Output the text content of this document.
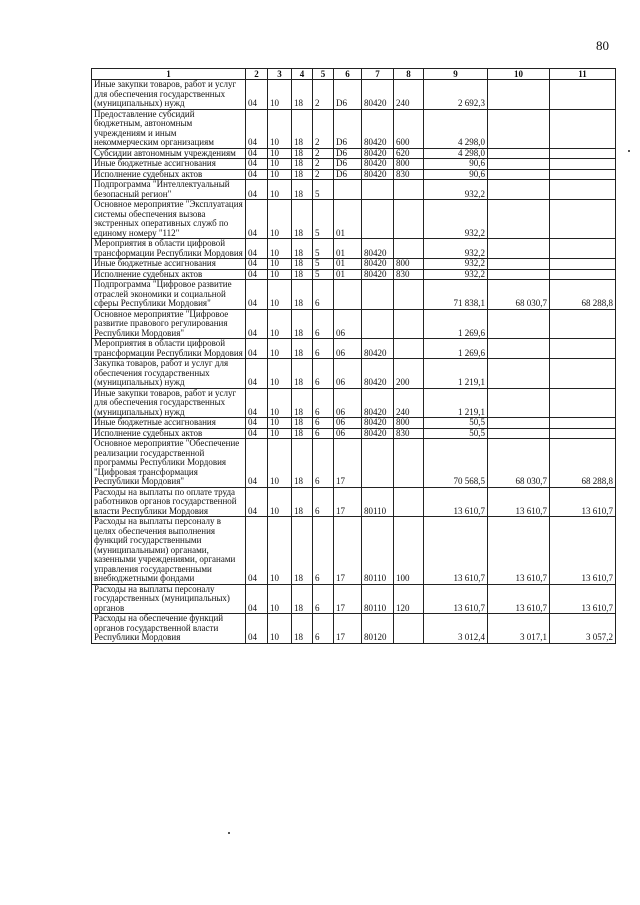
80
1	2	3	4	5	6	7	8	9	10	11
Иные закупки товаров, работ и услуг для обеспечения государственных (муниципальных) нужд	04	10	18	2	D6	80420	240	2 692,3		
Предоставление субсидий бюджетным, автономным учреждениям и иным некоммерческим организациям	04	10	18	2	D6	80420	600	4 298,0		
Субсидии автономным учреждениям	04	10	18	2	D6	80420	620	4 298,0		
Иные бюджетные ассигнования	04	10	18	2	D6	80420	800	90,6		
Исполнение судебных актов	04	10	18	2	D6	80420	830	90,6		
Подпрограмма "Интеллектуальный безопасный регион"	04	10	18	5				932,2		
Основное мероприятие "Эксплуатация системы обеспечения вызова экстренных оперативных служб по единому номеру "112"	04	10	18	5	01			932,2		
Мероприятия в области цифровой трансформации Республики Мордовия	04	10	18	5	01	80420		932,2		
Иные бюджетные ассигнования	04	10	18	5	01	80420	800	932,2		
Исполнение судебных актов	04	10	18	5	01	80420	830	932,2		
Подпрограмма "Цифровое развитие отраслей экономики и социальной сферы Республики Мордовия"	04	10	18	6				71 838,1	68 030,7	68 288,8
Основное мероприятие "Цифровое развитие правового регулирования Республики Мордовия"	04	10	18	6	06			1 269,6		
Мероприятия в области цифровой трансформации Республики Мордовия	04	10	18	6	06	80420		1 269,6		
Закупка товаров, работ и услуг для обеспечения государственных (муниципальных) нужд	04	10	18	6	06	80420	200	1 219,1		
Иные закупки товаров, работ и услуг для обеспечения государственных (муниципальных) нужд	04	10	18	6	06	80420	240	1 219,1		
Иные бюджетные ассигнования	04	10	18	6	06	80420	800	50,5		
Исполнение судебных актов	04	10	18	6	06	80420	830	50,5		
Основное мероприятие "Обеспечение реализации государственной программы Республики Мордовия "Цифровая трансформация Республики Мордовия"	04	10	18	6	17			70 568,5	68 030,7	68 288,8
Расходы на выплаты по оплате труда работников органов государственной власти Республики Мордовия	04	10	18	6	17	80110		13 610,7	13 610,7	13 610,7
Расходы на выплаты персоналу в целях обеспечения выполнения функций государственными (муниципальными) органами, казенными учреждениями, органами управления государственными внебюджетными фондами	04	10	18	6	17	80110	100	13 610,7	13 610,7	13 610,7
Расходы на выплаты персоналу государственных (муниципальных) органов	04	10	18	6	17	80110	120	13 610,7	13 610,7	13 610,7
Расходы на обеспечение функций органов государственной власти Республики Мордовия	04	10	18	6	17	80120		3 012,4	3 017,1	3 057,2
